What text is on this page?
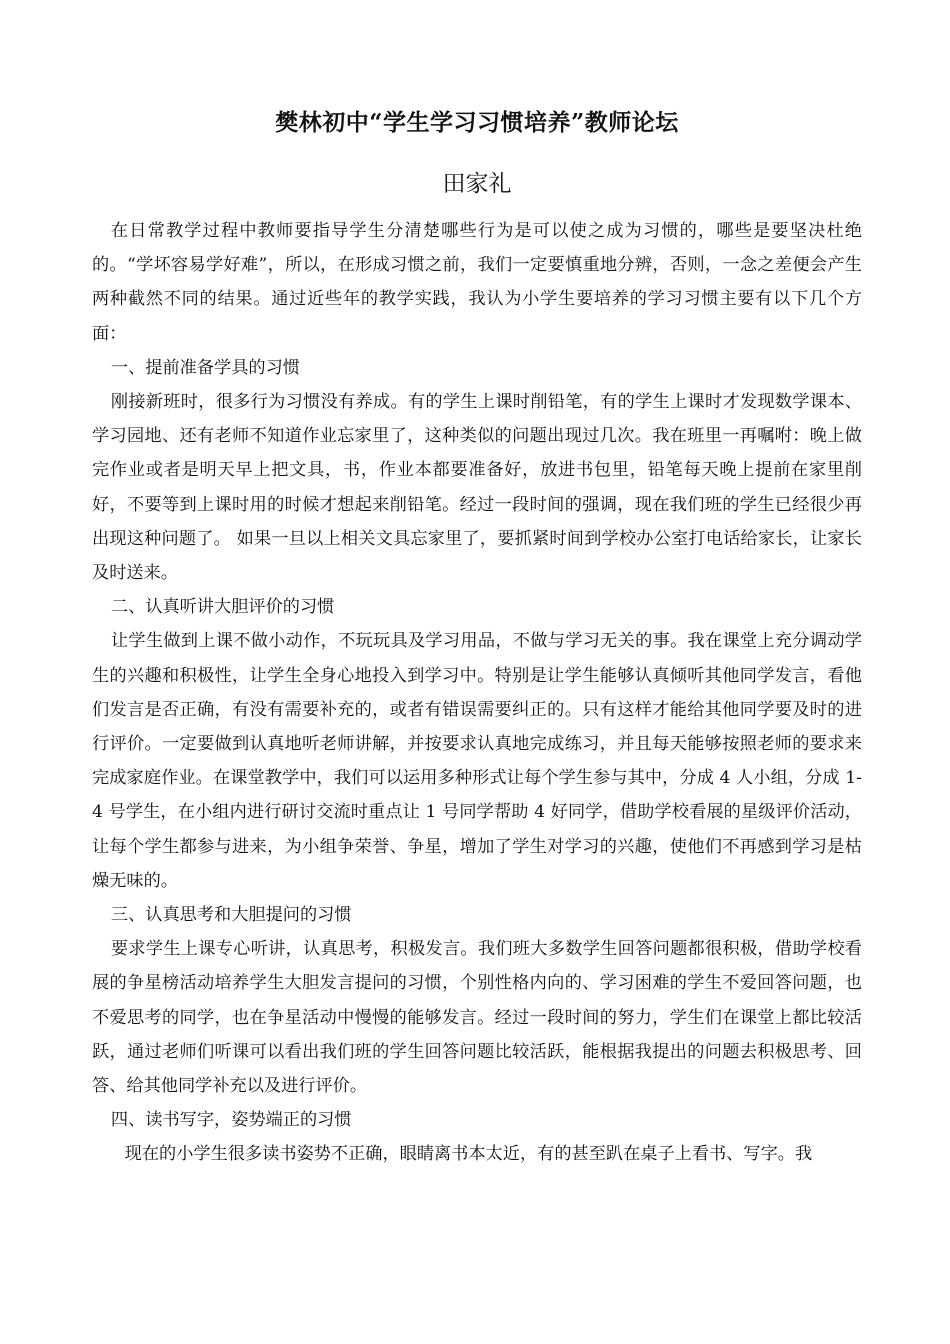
樊林初中“学生学习习惯培养”教师论坛
田家礼

在日常教学过程中教师要指导学生分清楚哪些行为是可以使之成为习惯的，哪些是要坚决杜绝的。“学坏容易学好难”，所以，在形成习惯之前，我们一定要慎重地分辨，否则，一念之差便会产生两种截然不同的结果。通过近些年的教学实践，我认为小学生要培养的学习习惯主要有以下几个方面：

一、提前准备学具的习惯

刚接新班时，很多行为习惯没有养成。有的学生上课时削铅笔，有的学生上课时才发现数学课本、学习园地、还有老师不知道作业忘家里了，这种类似的问题出现过几次。我在班里一再嘱咐：晚上做完作业或者是明天早上把文具，书，作业本都要准备好，放进书包里，铅笔每天晚上提前在家里削好，不要等到上课时用的时候才想起来削铅笔。经过一段时间的强调，现在我们班的学生已经很少再出现这种问题了。 如果一旦以上相关文具忘家里了，要抓紧时间到学校办公室打电话给家长，让家长及时送来。

二、认真听讲大胆评价的习惯

让学生做到上课不做小动作，不玩玩具及学习用品，不做与学习无关的事。我在课堂上充分调动学生的兴趣和积极性，让学生全身心地投入到学习中。特别是让学生能够认真倾听其他同学发言，看他们发言是否正确，有没有需要补充的，或者有错误需要纠正的。只有这样才能给其他同学要及时的进行评价。一定要做到认真地听老师讲解，并按要求认真地完成练习，并且每天能够按照老师的要求来完成家庭作业。在课堂教学中，我们可以运用多种形式让每个学生参与其中，分成 4 人小组，分成 1-4 号学生，在小组内进行研讨交流时重点让 1 号同学帮助 4 好同学，借助学校看展的星级评价活动，让每个学生都参与进来，为小组争荣誉、争星，增加了学生对学习的兴趣，使他们不再感到学习是枯燥无味的。

三、认真思考和大胆提问的习惯

要求学生上课专心听讲，认真思考，积极发言。我们班大多数学生回答问题都很积极，借助学校看展的争星榜活动培养学生大胆发言提问的习惯，个别性格内向的、学习困难的学生不爱回答问题，也不爱思考的同学，也在争星活动中慢慢的能够发言。经过一段时间的努力，学生们在课堂上都比较活跃，通过老师们听课可以看出我们班的学生回答问题比较活跃，能根据我提出的问题去积极思考、回答、给其他同学补充以及进行评价。

四、读书写字，姿势端正的习惯

现在的小学生很多读书姿势不正确，眼睛离书本太近，有的甚至趴在桌子上看书、写字。我
